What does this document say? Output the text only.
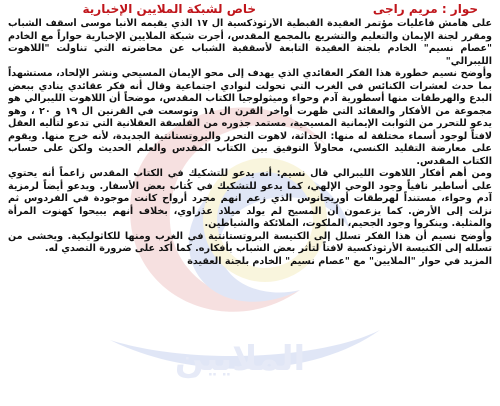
الملايين
حوار : مريم راجى
خاص لشبكة الملايين الإخبارية

على هامش فاعليات مؤتمر العقيدة القبطية الأرثوذكسية ال ١٧ الذي يقيمه الأنبا موسى أسقف الشباب ومقرر لجنة الإيمان والتعليم والتشريع بالمجمع المقدس، أجرت شبكة الملايين الإخبارية حواراً مع الخادم "عصام نسيم" الخادم بلجنة العقيدة التابعة لأسقفية الشباب عن محاضرته التي تناولت "اللاهوت الليبرالي"

وأوضح نسيم خطورة هذا الفكر العقائدي الذي يهدف إلى محو الإيمان المسيحي ونشر الإلحاد، مستشهداً بما حدث لعشرات الكنائس في الغرب التي تحولت لنوادي اجتماعية وقال أنه فكر عقائدي ينادي ببعض البدع والهرطقات منها أسطورية آدم وحواء وميثولوجيا الكتاب المقدس، موضحاً أن اللاهوت الليبرالي هو مجموعة من الأفكار والعقائد التي ظهرت أواخر القرن ال ١٨ وتوسعت في القرنين ال ١٩ و ٢٠ ، وهو يدعو للتحرر من الثوابت الإيمانية المسيحية، مستمد جذوره من الفلسفة العقلانية التي تدعو لتأليه العقل لافتاً لوجود أسماء مختلفة له منها: الحداثة، لاهوت التحرر والبروتستانتية الجديدة، لأنه خرج منها. ويقوم على معارضة التقليد الكنسي، محاولاً التوفيق بين الكتاب المقدس والعلم الحديث ولكن على حساب الكتاب المقدس.

ومن أهم أفكار اللاهوت الليبرالي قال نسيم: أنه يدعو للتشكيك في الكتاب المقدس زاعماً أنه يحتوي على أساطير نافياً وجود الوحي الإلهي، كما يدعو للتشكيك في كُتاب بعض الأسفار. ويدعو أيضاً لرمزية آدم وحواء، مستنداً لهرطقات أوريجانوس الذي زعم انهم مجرد أرواح كانت موجودة في الفردوس ثم نزلت إلى الأرض. كما يزعمون أن المسيح لم يولد ميلاد عذراوي، بخلاف أنهم يبيحوا كهنوت المرأة والمثلية. وينكروا وجود الجحيم، الملكوت، الملائكة والشياطين.

وأوضح نسيم أن هذا الفكر تسلل إلى الكنيسة البروتستانتية في الغرب ومنها للكاثوليكية. ويخشى من تسلله إلى الكنيسة الأرثوذكسية لافتاً لتأثر بعض الشباب بأفكاره. كما أكد على ضرورة التصدي له.

المزيد في حوار "الملايين" مع "عصام نسيم" الخادم بلجنة العقيدة
